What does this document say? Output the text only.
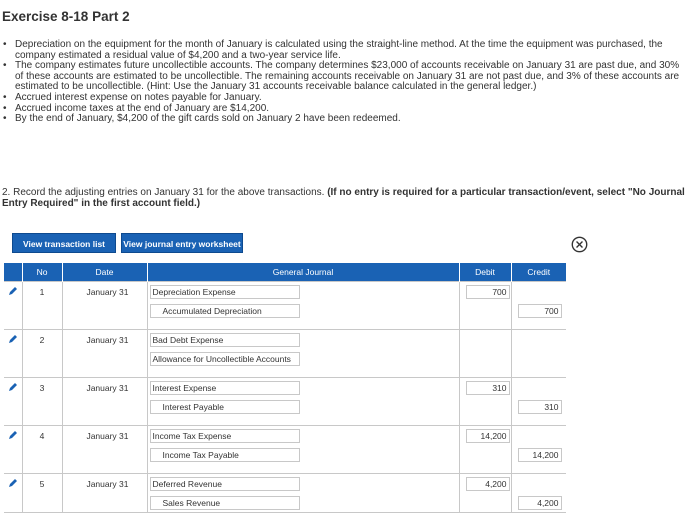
Exercise 8-18 Part 2
• Depreciation on the equipment for the month of January is calculated using the straight-line method. At the time the equipment was purchased, the company estimated a residual value of $4,200 and a two-year service life.
• The company estimates future uncollectible accounts. The company determines $23,000 of accounts receivable on January 31 are past due, and 30% of these accounts are estimated to be uncollectible. The remaining accounts receivable on January 31 are not past due, and 3% of these accounts are estimated to be uncollectible. (Hint: Use the January 31 accounts receivable balance calculated in the general ledger.)
• Accrued interest expense on notes payable for January.
• Accrued income taxes at the end of January are $14,200.
• By the end of January, $4,200 of the gift cards sold on January 2 have been redeemed.
2. Record the adjusting entries on January 31 for the above transactions. (If no entry is required for a particular transaction/event, select "No Journal Entry Required" in the first account field.)
View transaction list	View journal entry worksheet
	No	Date	General Journal	Debit	Credit
	1	January 31	Depreciation Expense	700	
			Accumulated Depreciation		700

	2	January 31	Bad Debt Expense		
			Allowance for Uncollectible Accounts		

	3	January 31	Interest Expense	310	
			Interest Payable		310

	4	January 31	Income Tax Expense	14,200	
			Income Tax Payable		14,200

	5	January 31	Deferred Revenue	4,200	
			Sales Revenue		4,200
